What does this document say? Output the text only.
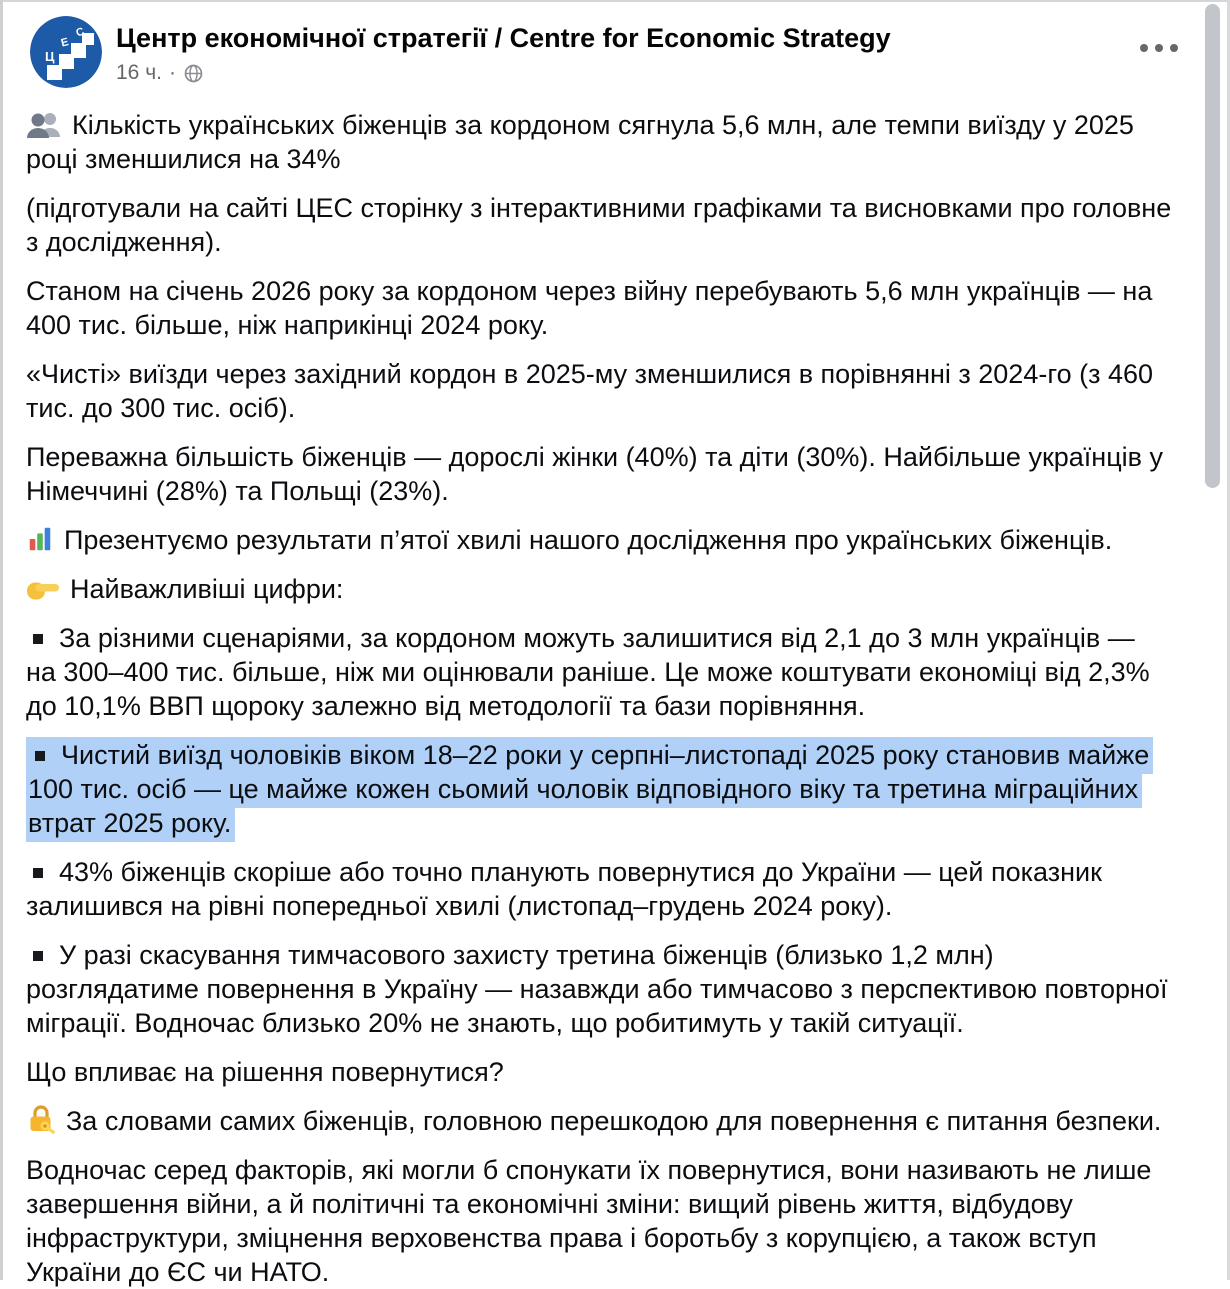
Ц
Е
С Центр економічної стратегії / Centre for Economic Strategy
16 ч. ·

Кількість українських біженців за кордоном сягнула 5,6 млн, але темпи виїзду у 2025 році зменшилися на 34%

(підготували на сайті ЦЕС сторінку з інтерактивними графіками та висновками про головне з дослідження).

Станом на січень 2026 року за кордоном через війну перебувають 5,6 млн українців — на 400 тис. більше, ніж наприкінці 2024 року.

«Чисті» виїзди через західний кордон в 2025-му зменшилися в порівнянні з 2024-го (з 460 тис. до 300 тис. осіб).

Переважна більшість біженців — дорослі жінки (40%) та діти (30%). Найбільше українців у Німеччині (28%) та Польщі (23%).

Презентуємо результати п’ятої хвилі нашого дослідження про українських біженців.

Найважливіші цифри:

За різними сценаріями, за кордоном можуть залишитися від 2,1 до 3 млн українців — на 300–400 тис. більше, ніж ми оцінювали раніше. Це може коштувати економіці від 2,3% до 10,1% ВВП щороку залежно від методології та бази порівняння.

Чистий виїзд чоловіків віком 18–22 роки у серпні–листопаді 2025 року становив майже 100 тис. осіб — це майже кожен сьомий чоловік відповідного віку та третина міграційних втрат 2025 року.

43% біженців скоріше або точно планують повернутися до України — цей показник залишився на рівні попередньої хвилі (листопад–грудень 2024 року).

У разі скасування тимчасового захисту третина біженців (близько 1,2 млн) розглядатиме повернення в Україну — назавжди або тимчасово з перспективою повторної міграції. Водночас близько 20% не знають, що робитимуть у такій ситуації.

Що впливає на рішення повернутися?

За словами самих біженців, головною перешкодою для повернення є питання безпеки.

Водночас серед факторів, які могли б спонукати їх повернутися, вони називають не лише завершення війни, а й політичні та економічні зміни: вищий рівень життя, відбудову інфраструктури, зміцнення верховенства права і боротьбу з корупцією, а також вступ України до ЄС чи НАТО.
